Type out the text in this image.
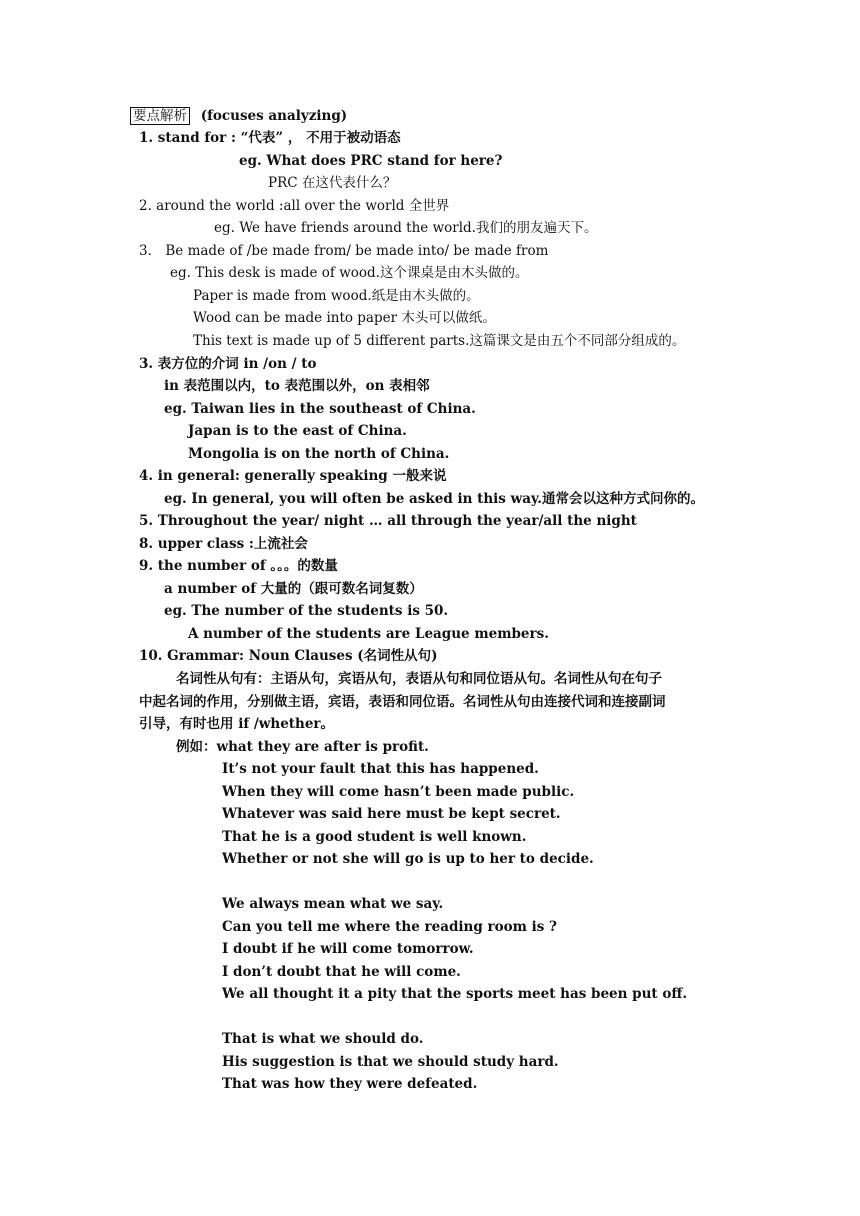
要点解析 (focuses analyzing)
1. stand for : “代表” ， 不用于被动语态
eg. What does PRC stand for here?
PRC 在这代表什么？
2. around the world :all over the world 全世界
eg. We have friends around the world.我们的朋友遍天下。
3． Be made of /be made from/ be made into/ be made from
eg. This desk is made of wood.这个课桌是由木头做的。
Paper is made from wood.纸是由木头做的。
Wood can be made into paper 木头可以做纸。
This text is made up of 5 different parts.这篇课文是由五个不同部分组成的。
3. 表方位的介词 in /on / to
in 表范围以内，to 表范围以外，on 表相邻
eg. Taiwan lies in the southeast of China.
Japan is to the east of China.
Mongolia is on the north of China.
4. in general: generally speaking 一般来说
eg. In general, you will often be asked in this way.通常会以这种方式问你的。
5. Throughout the year/ night … all through the year/all the night
8. upper class :上流社会
9. the number of 。。。的数量
a number of 大量的（跟可数名词复数）
eg. The number of the students is 50.
A number of the students are League members.
10. Grammar: Noun Clauses (名词性从句)
名词性从句有：主语从句，宾语从句，表语从句和同位语从句。名词性从句在句子
中起名词的作用，分别做主语，宾语，表语和同位语。名词性从句由连接代词和连接副词
引导，有时也用 if /whether。
例如：what they are after is profit.
It’s not your fault that this has happened.
When they will come hasn’t been made public.
Whatever was said here must be kept secret.
That he is a good student is well known.
Whether or not she will go is up to her to decide.
We always mean what we say.
Can you tell me where the reading room is ?
I doubt if he will come tomorrow.
I don’t doubt that he will come.
We all thought it a pity that the sports meet has been put off.
That is what we should do.
His suggestion is that we should study hard.
That was how they were defeated.
